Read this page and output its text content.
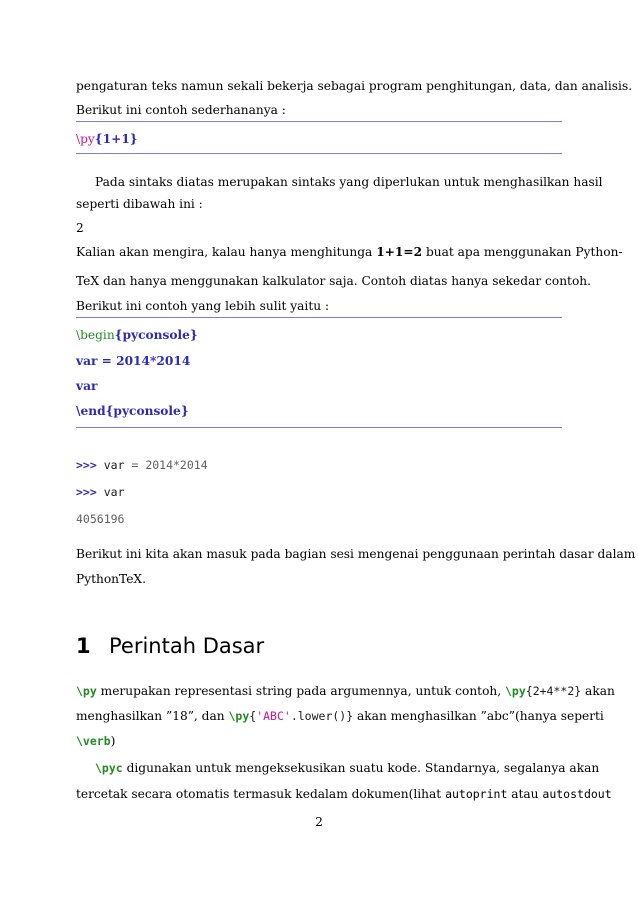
pengaturan teks namun sekali bekerja sebagai program penghitungan, data, dan analisis.
Berikut ini contoh sederhananya :
\py{1+1}
Pada sintaks diatas merupakan sintaks yang diperlukan untuk menghasilkan hasil
seperti dibawah ini :
2
Kalian akan mengira, kalau hanya menghitunga 1+1=2 buat apa menggunakan Python-
TeX dan hanya menggunakan kalkulator saja. Contoh diatas hanya sekedar contoh.
Berikut ini contoh yang lebih sulit yaitu :
\begin{pyconsole}
var = 2014*2014
var
\end{pyconsole}
>>> var = 2014*2014
>>> var
4056196
Berikut ini kita akan masuk pada bagian sesi mengenai penggunaan perintah dasar dalam
PythonTeX.
1 Perintah Dasar
\py merupakan representasi string pada argumennya, untuk contoh, \py{2+4**2} akan
menghasilkan ”18”, dan \py{'ABC'.lower()} akan menghasilkan ”abc”(hanya seperti
\verb)
\pyc digunakan untuk mengeksekusikan suatu kode. Standarnya, segalanya akan
tercetak secara otomatis termasuk kedalam dokumen(lihat autoprint atau autostdout
2
